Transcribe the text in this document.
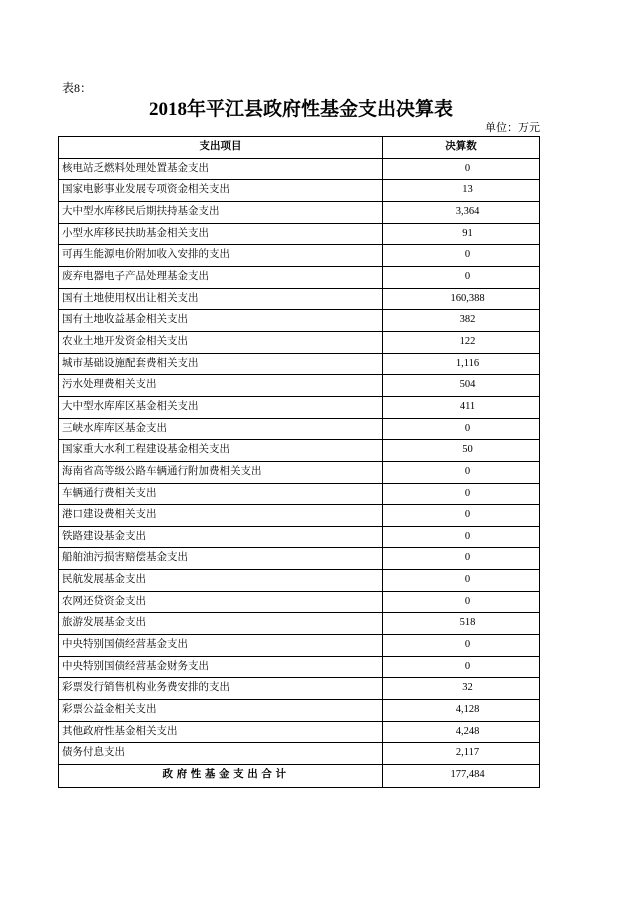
表8：
2018年平江县政府性基金支出决算表
单位：万元
支出项目	决算数
核电站乏燃料处理处置基金支出	0
国家电影事业发展专项资金相关支出	13
大中型水库移民后期扶持基金支出	3,364
小型水库移民扶助基金相关支出	91
可再生能源电价附加收入安排的支出	0
废弃电器电子产品处理基金支出	0
国有土地使用权出让相关支出	160,388
国有土地收益基金相关支出	382
农业土地开发资金相关支出	122
城市基础设施配套费相关支出	1,116
污水处理费相关支出	504
大中型水库库区基金相关支出	411
三峡水库库区基金支出	0
国家重大水利工程建设基金相关支出	50
海南省高等级公路车辆通行附加费相关支出	0
车辆通行费相关支出	0
港口建设费相关支出	0
铁路建设基金支出	0
船舶油污损害赔偿基金支出	0
民航发展基金支出	0
农网还贷资金支出	0
旅游发展基金支出	518
中央特别国债经营基金支出	0
中央特别国债经营基金财务支出	0
彩票发行销售机构业务费安排的支出	32
彩票公益金相关支出	4,128
其他政府性基金相关支出	4,248
债务付息支出	2,117
政 府 性 基 金 支 出 合 计	177,484
